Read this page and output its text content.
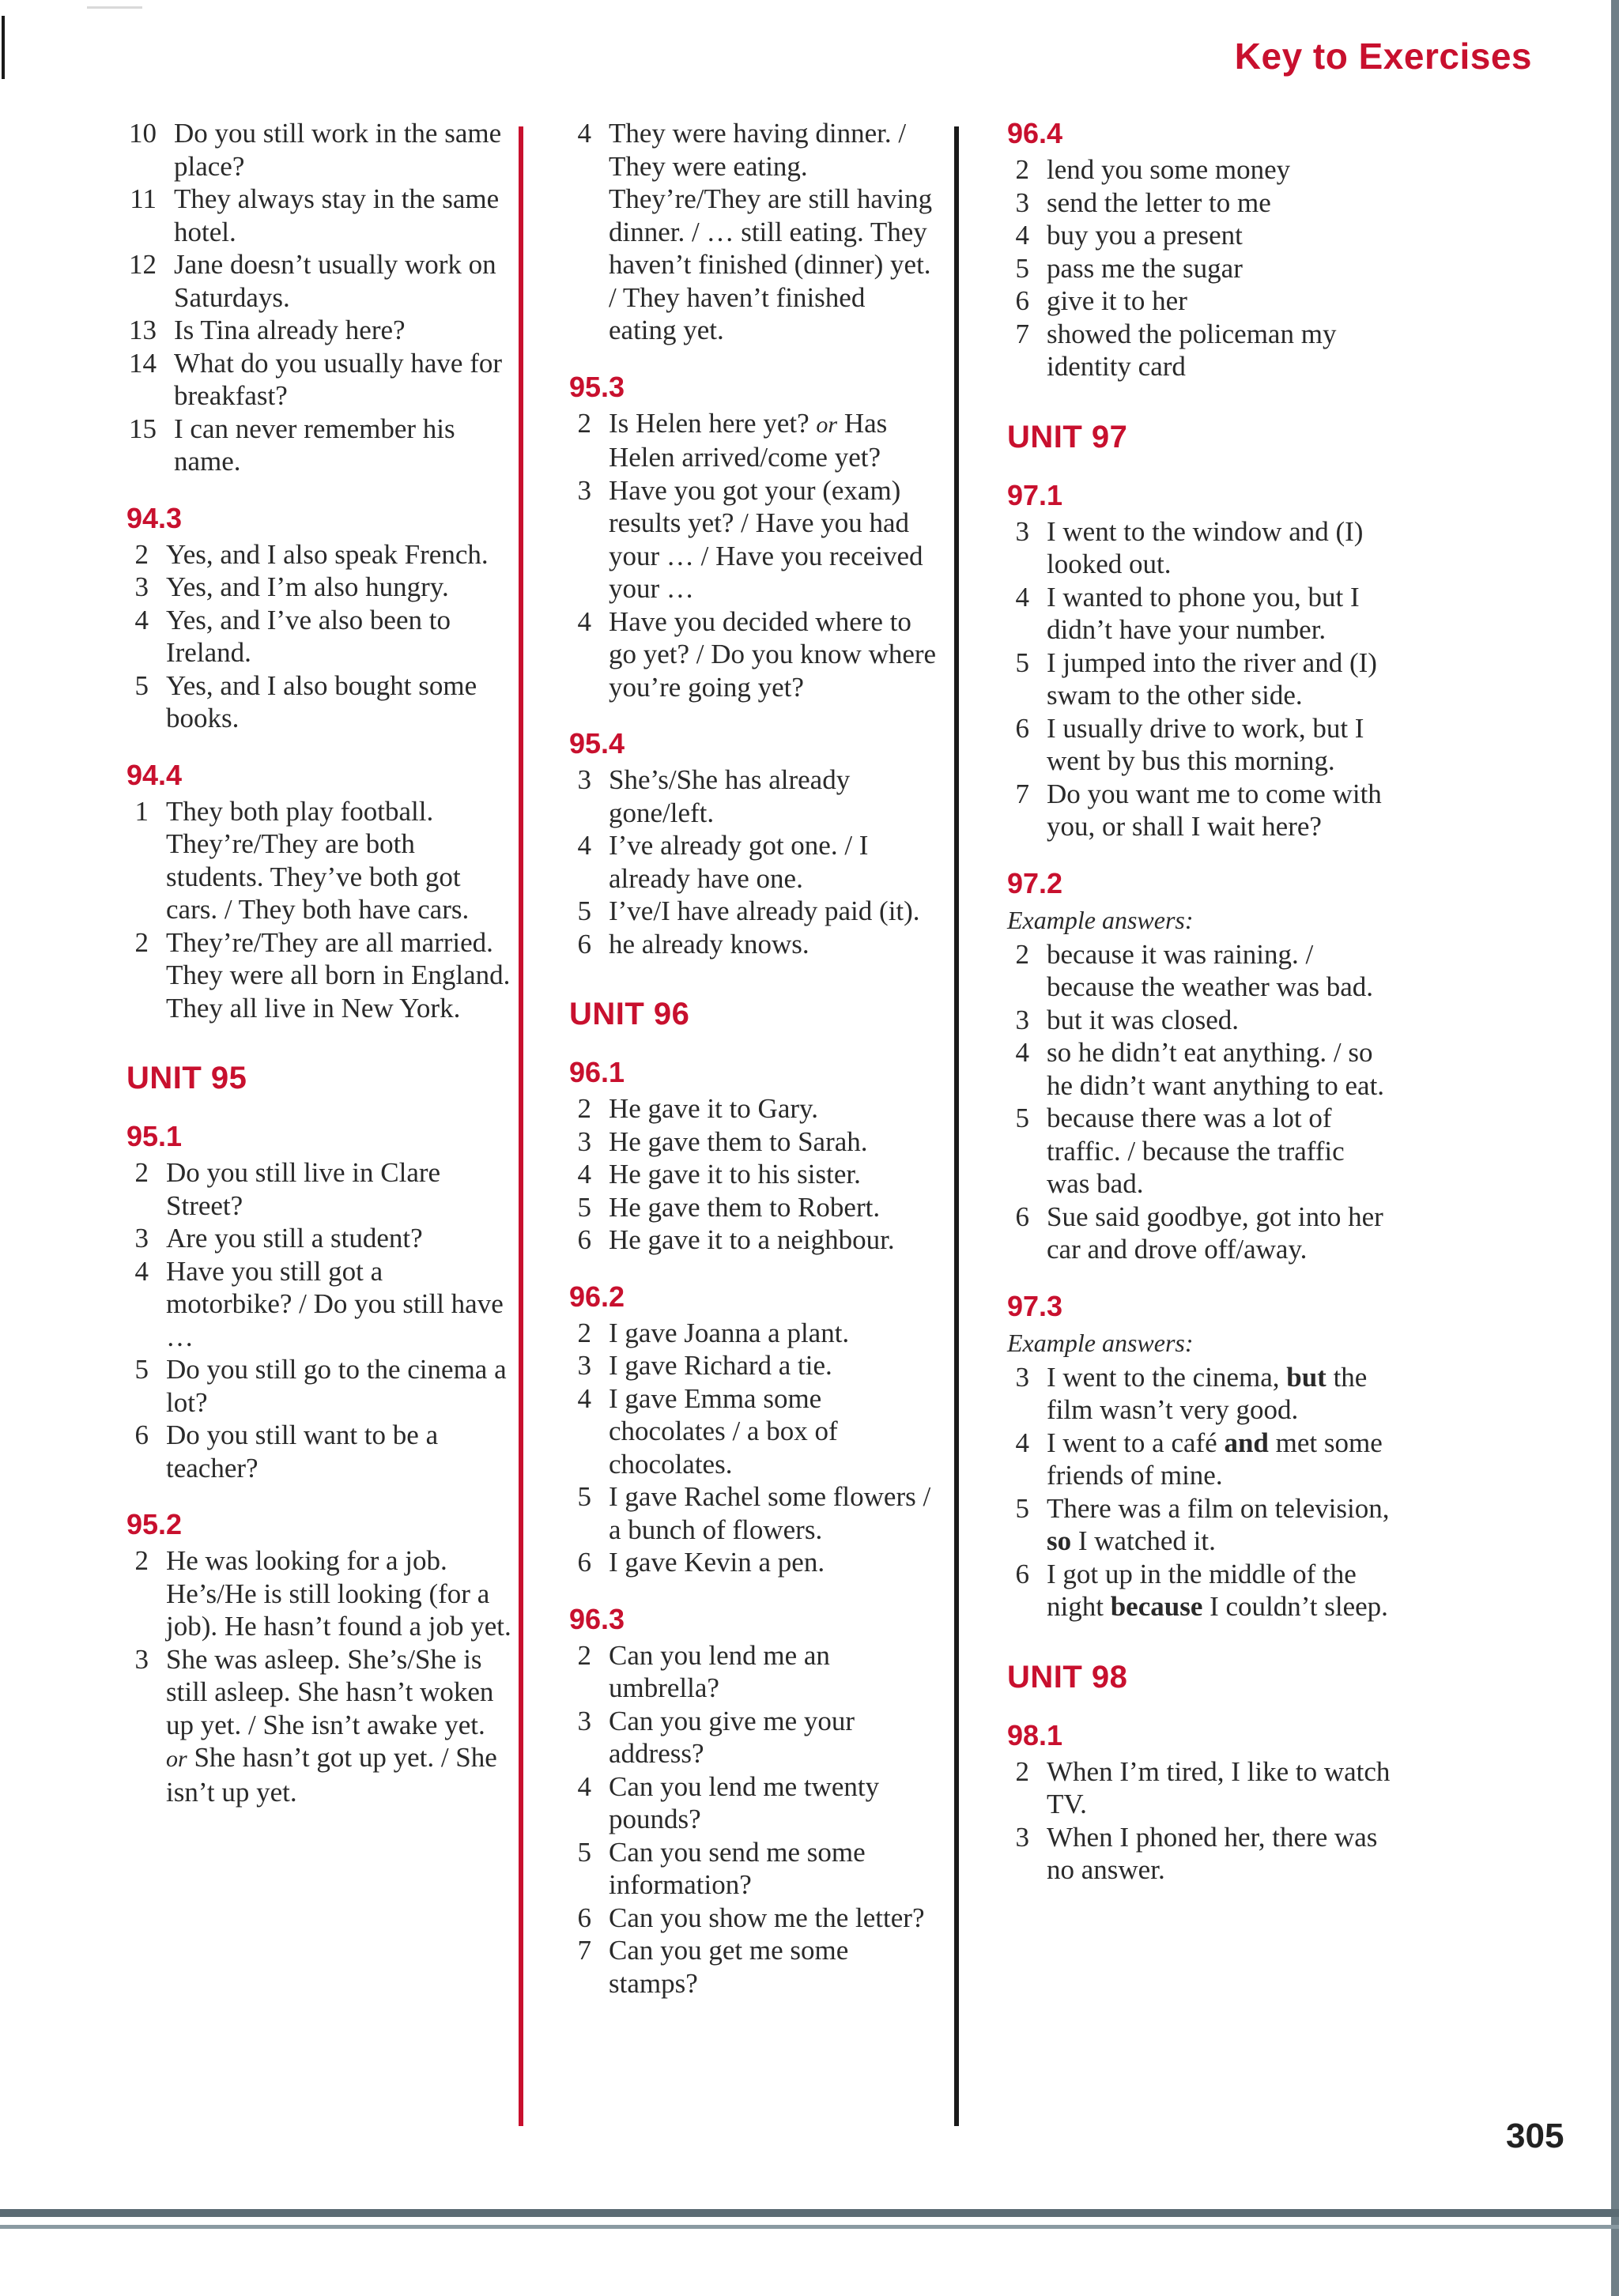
Key to Exercises
10 Do you still work in the same place?
11 They always stay in the same hotel.
12 Jane doesn’t usually work on Saturdays.
13 Is Tina already here?
14 What do you usually have for breakfast?
15 I can never remember his name.
94.3
2 Yes, and I also speak French.
3 Yes, and I’m also hungry.
4 Yes, and I’ve also been to Ireland.
5 Yes, and I also bought some books.
94.4
1 They both play football. They’re/They are both students. They’ve both got cars. / They both have cars.
2 They’re/They are all married. They were all born in England. They all live in New York.
UNIT 95
95.1
2 Do you still live in Clare Street?
3 Are you still a student?
4 Have you still got a motorbike? / Do you still have …
5 Do you still go to the cinema a lot?
6 Do you still want to be a teacher?
95.2
2 He was looking for a job. He’s/He is still looking (for a job). He hasn’t found a job yet.
3 She was asleep. She’s/She is still asleep. She hasn’t woken up yet. / She isn’t awake yet. or She hasn’t got up yet. / She isn’t up yet.
4 They were having dinner. / They were eating. They’re/They are still having dinner. / … still eating. They haven’t finished (dinner) yet. / They haven’t finished eating yet.
95.3
2 Is Helen here yet? or Has Helen arrived/come yet?
3 Have you got your (exam) results yet? / Have you had your … / Have you received your …
4 Have you decided where to go yet? / Do you know where you’re going yet?
95.4
3 She’s/She has already gone/left.
4 I’ve already got one. / I already have one.
5 I’ve/I have already paid (it).
6 he already knows.
UNIT 96
96.1
2 He gave it to Gary.
3 He gave them to Sarah.
4 He gave it to his sister.
5 He gave them to Robert.
6 He gave it to a neighbour.
96.2
2 I gave Joanna a plant.
3 I gave Richard a tie.
4 I gave Emma some chocolates / a box of chocolates.
5 I gave Rachel some flowers / a bunch of flowers.
6 I gave Kevin a pen.
96.3
2 Can you lend me an umbrella?
3 Can you give me your address?
4 Can you lend me twenty pounds?
5 Can you send me some information?
6 Can you show me the letter?
7 Can you get me some stamps?
96.4
2 lend you some money
3 send the letter to me
4 buy you a present
5 pass me the sugar
6 give it to her
7 showed the policeman my identity card
UNIT 97
97.1
3 I went to the window and (I) looked out.
4 I wanted to phone you, but I didn’t have your number.
5 I jumped into the river and (I) swam to the other side.
6 I usually drive to work, but I went by bus this morning.
7 Do you want me to come with you, or shall I wait here?
97.2
Example answers:
2 because it was raining. / because the weather was bad.
3 but it was closed.
4 so he didn’t eat anything. / so he didn’t want anything to eat.
5 because there was a lot of traffic. / because the traffic was bad.
6 Sue said goodbye, got into her car and drove off/away.
97.3
Example answers:
3 I went to the cinema, but the film wasn’t very good.
4 I went to a café and met some friends of mine.
5 There was a film on television, so I watched it.
6 I got up in the middle of the night because I couldn’t sleep.
UNIT 98
98.1
2 When I’m tired, I like to watch TV.
3 When I phoned her, there was no answer.
305
